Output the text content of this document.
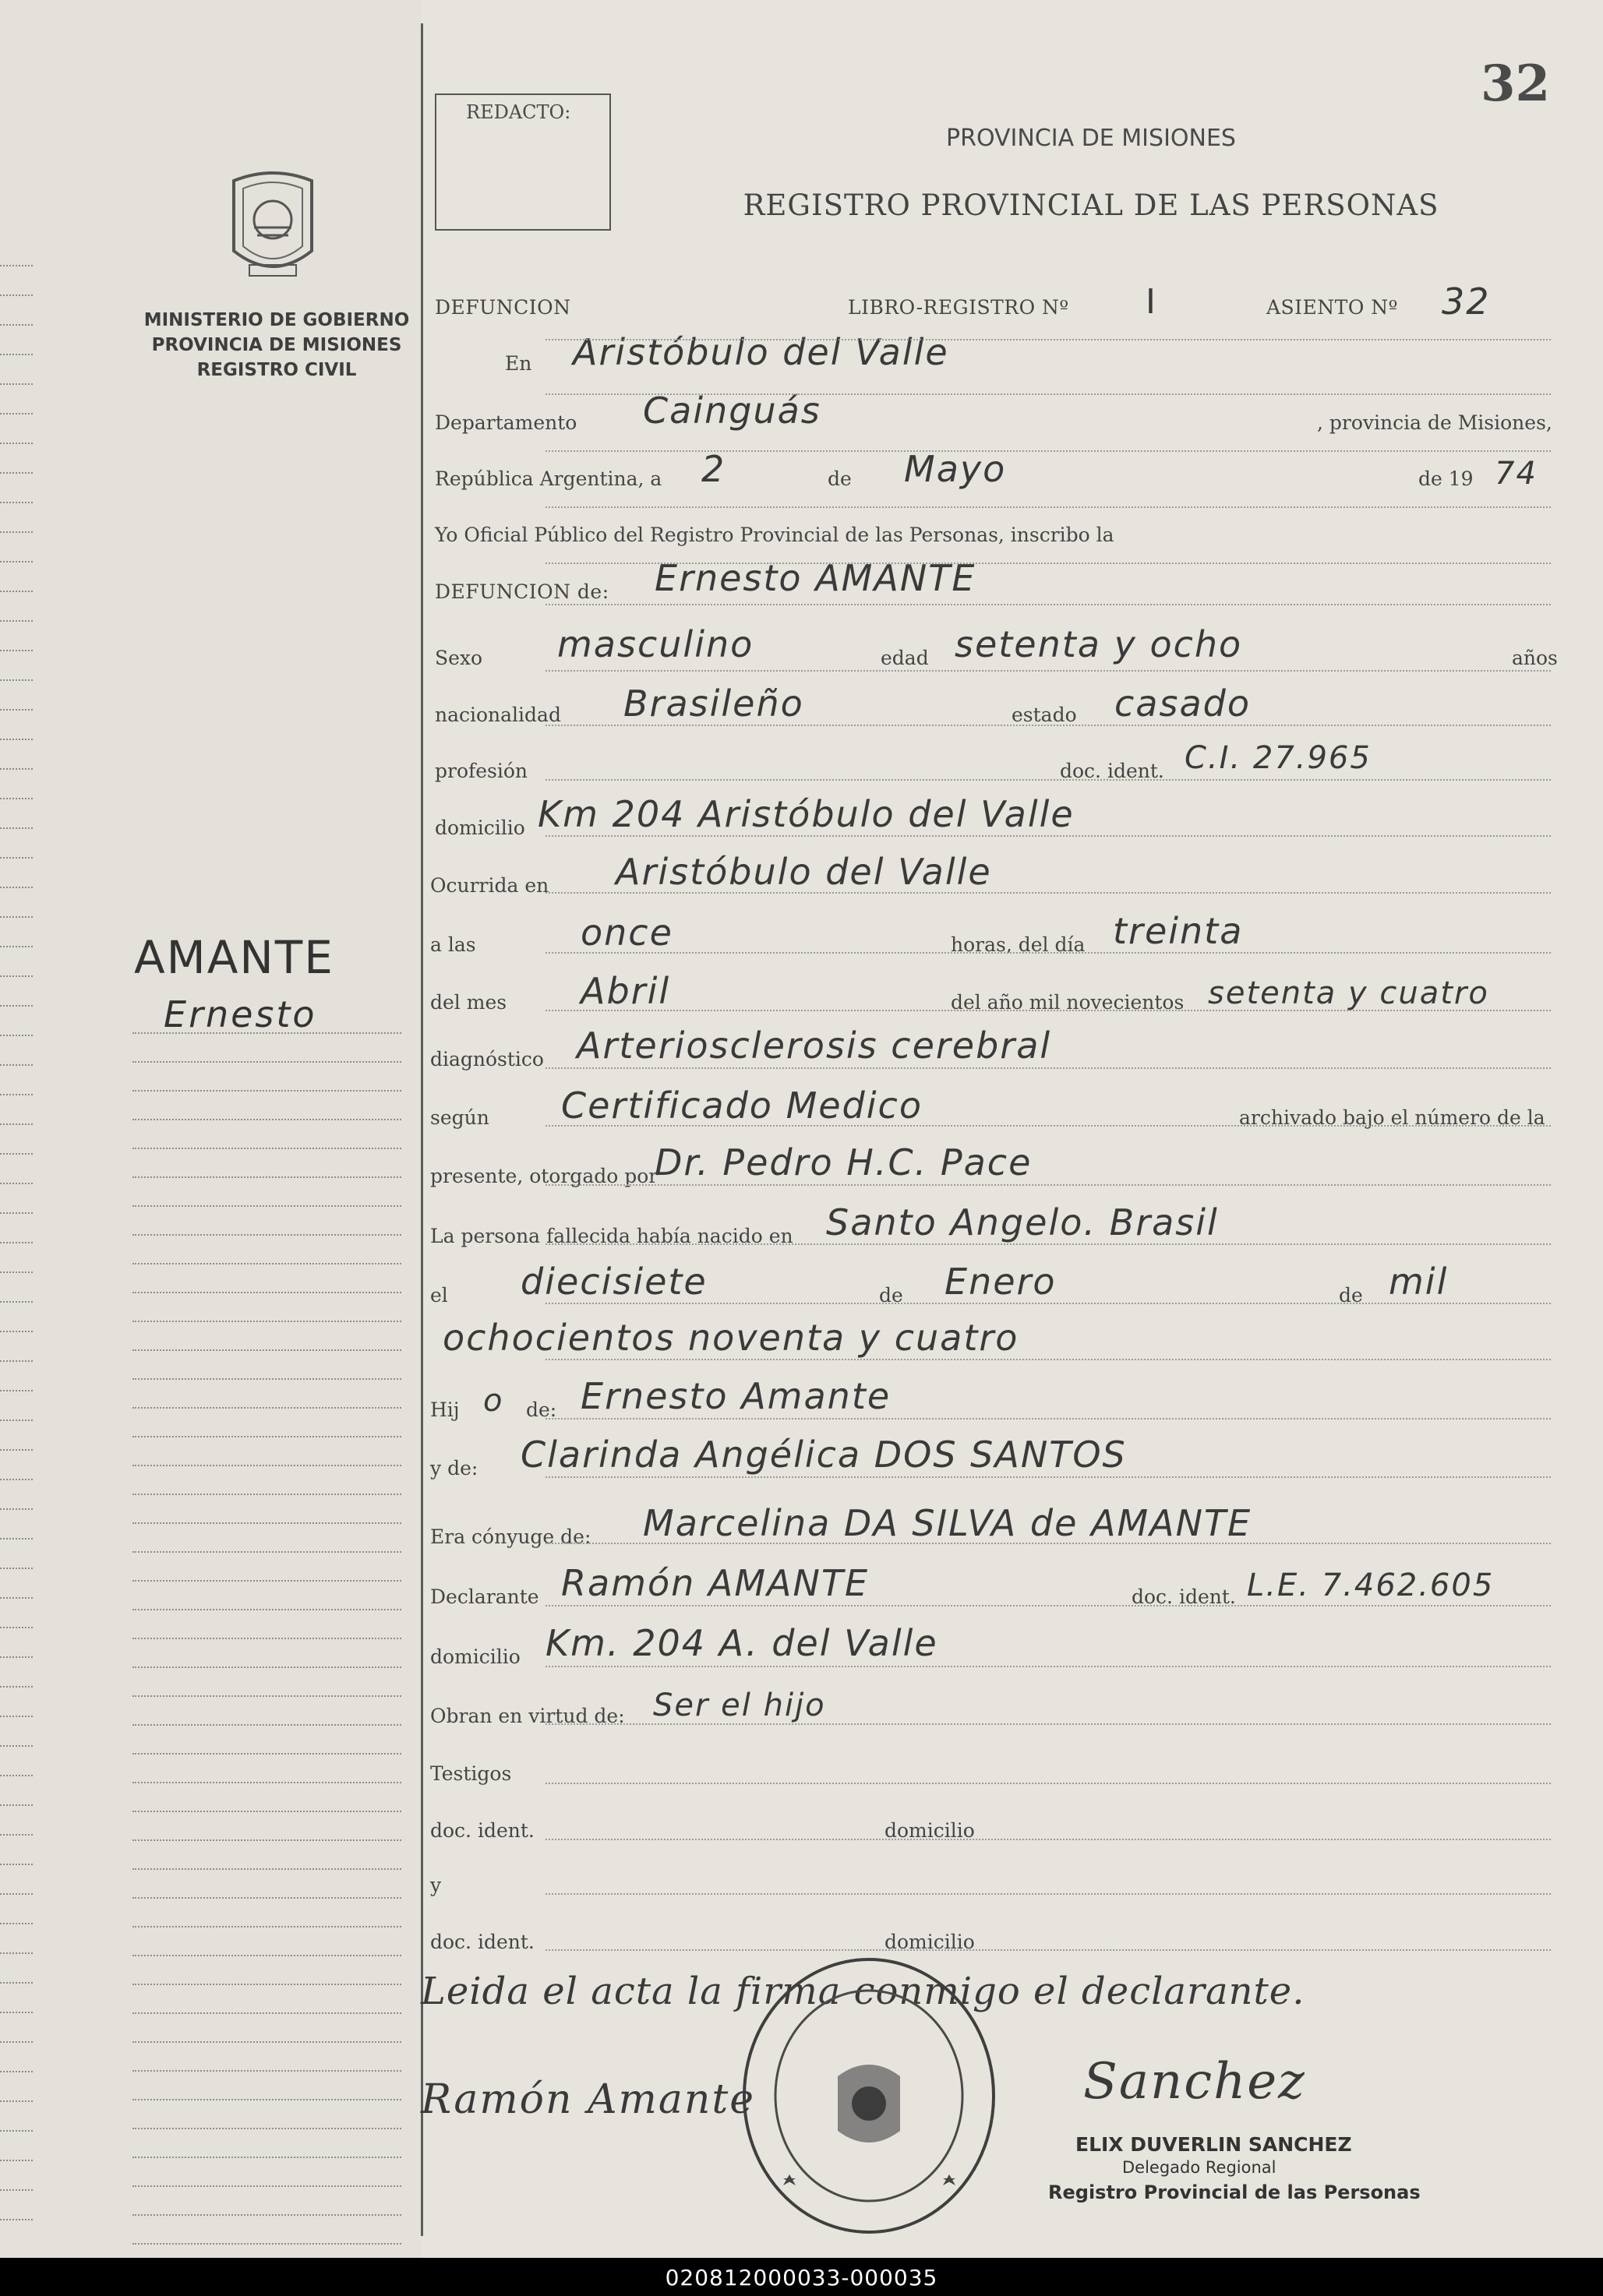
MINISTERIO DE GOBIERNO
PROVINCIA DE MISIONES
REGISTRO CIVIL
AMANTE
Ernesto
REDACTO:	32
PROVINCIA DE MISIONES
REGISTRO PROVINCIAL DE LAS PERSONAS
DEFUNCION	LIBRO-REGISTRO Nº I	ASIENTO Nº 32
En Aristóbulo del Valle
Departamento Cainguás	, provincia de Misiones,
República Argentina, a 2	de Mayo	de 19 74
Yo Oficial Público del Registro Provincial de las Personas, inscribo la
DEFUNCION de: Ernesto AMANTE
Sexo masculino	edad setenta y ocho	años
nacionalidad Brasileño	estado casado
profesión	doc. ident. C.I. 27.965
domicilio Km 204 Aristóbulo del Valle
Ocurrida en Aristóbulo del Valle
a las	once	horas, del día treinta
del mes Abril	del año mil novecientos setenta y cuatro
diagnóstico Arteriosclerosis cerebral
según Certificado Medico	archivado bajo el número de la
presente, otorgado por
Dr. Pedro H.C. Pace
La persona fallecida había nacido en Santo Angelo. Brasil
el diecisiete	de Enero	de mil
ochocientos noventa y cuatro
Hij o de: Ernesto Amante
y de: Clarinda Angélica DOS SANTOS
Era cónyuge de: Marcelina DA SILVA de AMANTE
Declarante Ramón AMANTE	doc. ident. L.E. 7.462.605
domicilio Km. 204 A. del Valle
Obran en virtud de: Ser el hijo
Testigos
doc. ident.	domicilio
y
doc. ident.	domicilio
Leida el acta la firma conmigo el declarante.
Ramón Amante	Sanchez
ELIX DUVERLIN SANCHEZ
Delegado Regional
Registro Provincial de las Personas
020812000033-000035
